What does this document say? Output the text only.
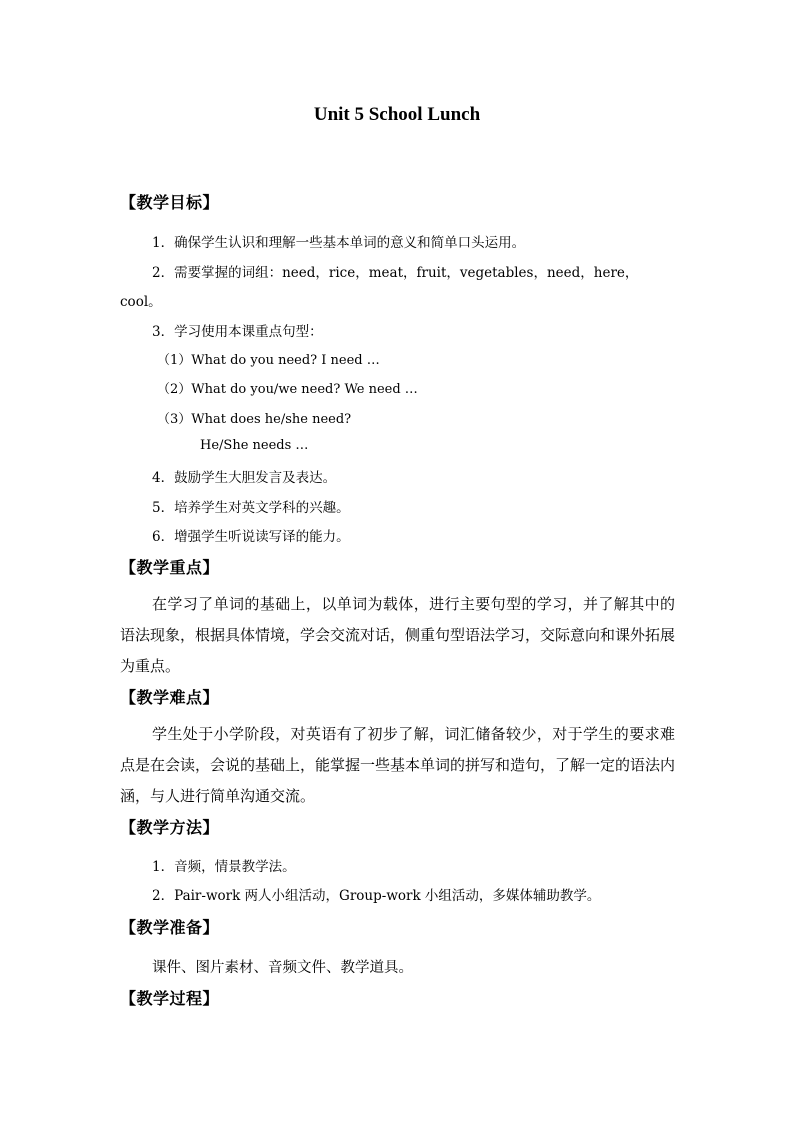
Unit 5 School Lunch
【教学目标】
1．确保学生认识和理解一些基本单词的意义和简单口头运用。
2．需要掌握的词组：need，rice，meat，fruit，vegetables，need，here，
cool。
3．学习使用本课重点句型：
（1）What do you need? I need …
（2）What do you/we need? We need …
（3）What does he/she need?
He/She needs …
4．鼓励学生大胆发言及表达。
5．培养学生对英文学科的兴趣。
6．增强学生听说读写译的能力。
【教学重点】
在学习了单词的基础上，以单词为载体，进行主要句型的学习，并了解其中的语法现象，根据具体情境，学会交流对话，侧重句型语法学习，交际意向和课外拓展为重点。
【教学难点】
学生处于小学阶段，对英语有了初步了解，词汇储备较少，对于学生的要求难点是在会读，会说的基础上，能掌握一些基本单词的拼写和造句，了解一定的语法内涵，与人进行简单沟通交流。
【教学方法】
1．音频，情景教学法。
2．Pair-work 两人小组活动，Group-work 小组活动，多媒体辅助教学。
【教学准备】
课件、图片素材、音频文件、教学道具。
【教学过程】
